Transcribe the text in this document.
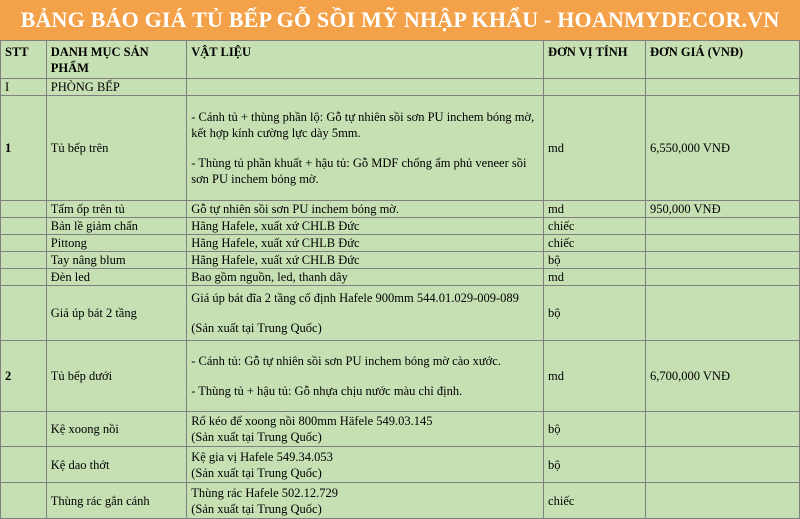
BẢNG BÁO GIÁ TỦ BẾP GỖ SỒI MỸ NHẬP KHẨU - HOANMYDECOR.VN
STT	DANH MỤC SẢN PHẨM	VẬT LIỆU	ĐƠN VỊ TÍNH	ĐƠN GIÁ (VNĐ)
I	PHÒNG BẾP			
1	Tủ bếp trên	- Cánh tủ + thùng phần lộ: Gỗ tự nhiên sồi sơn PU inchem bóng mờ, kết hợp kính cường lực dày 5mm.

- Thùng tủ phần khuất + hậu tủ: Gỗ MDF chống ẩm phủ veneer sồi sơn PU inchem bóng mờ.	md	6,550,000 VNĐ
	Tấm ốp trên tủ	Gỗ tự nhiên sồi sơn PU inchem bóng mờ.	md	950,000 VNĐ
	Bản lề giảm chấn	Hãng Hafele, xuất xứ CHLB Đức	chiếc	
	Pittong	Hãng Hafele, xuất xứ CHLB Đức	chiếc	
	Tay nâng blum	Hãng Hafele, xuất xứ CHLB Đức	bộ	
	Đèn led	Bao gồm nguồn, led, thanh dây	md	
	Giá úp bát 2 tầng	Giá úp bát đĩa 2 tầng cố định Hafele 900mm 544.01.029-009-089

(Sản xuất tại Trung Quốc)	bộ	
2	Tủ bếp dưới	- Cánh tủ: Gỗ tự nhiên sồi sơn PU inchem bóng mờ cào xước.

- Thùng tủ + hậu tủ: Gỗ nhựa chịu nước màu chỉ định.	md	6,700,000 VNĐ
	Kệ xoong nồi	Rổ kéo để xoong nồi 800mm Häfele 549.03.145

(Sản xuất tại Trung Quốc)	bộ	
	Kệ dao thớt	Kệ gia vị Hafele 549.34.053

(Sản xuất tại Trung Quốc)	bộ	
	Thùng rác gắn cánh	Thùng rác Hafele 502.12.729

(Sản xuất tại Trung Quốc)	chiếc	
